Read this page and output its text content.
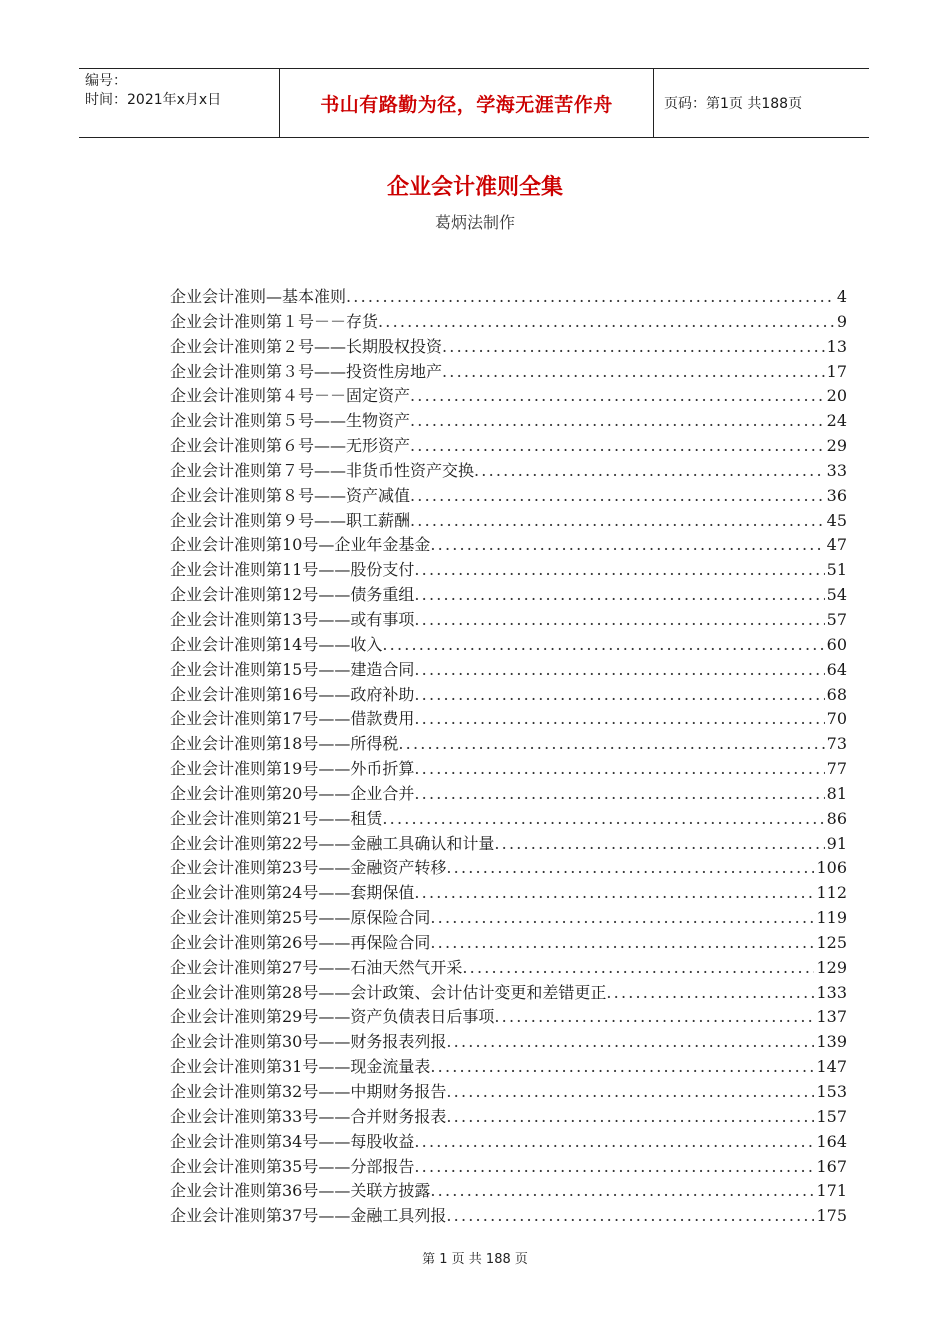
编号：
时间：2021年x月x日	书山有路勤为径，学海无涯苦作舟	页码：第1页 共188页
企业会计准则全集
葛炳法制作
企业会计准则—基本准则 .....	4
企业会计准则第１号－－存货 .....	9
企业会计准则第２号——长期股权投资 .....	13
企业会计准则第３号——投资性房地产 .....	17
企业会计准则第４号－－固定资产 .....	20
企业会计准则第５号——生物资产 .....	24
企业会计准则第６号——无形资产 .....	29
企业会计准则第７号——非货币性资产交换 .....	33
企业会计准则第８号——资产减值 .....	36
企业会计准则第９号——职工薪酬 .....	45
企业会计准则第10号—企业年金基金 .....	47
企业会计准则第11号——股份支付 .....	51
企业会计准则第12号——债务重组 .....	54
企业会计准则第13号——或有事项 .....	57
企业会计准则第14号——收入 .....	60
企业会计准则第15号——建造合同 .....	64
企业会计准则第16号——政府补助 .....	68
企业会计准则第17号——借款费用 .....	70
企业会计准则第18号——所得税 .....	73
企业会计准则第19号——外币折算 .....	77
企业会计准则第20号——企业合并 .....	81
企业会计准则第21号——租赁 .....	86
企业会计准则第22号——金融工具确认和计量 .....	91
企业会计准则第23号——金融资产转移 .....	106
企业会计准则第24号——套期保值 .....	112
企业会计准则第25号——原保险合同 .....	119
企业会计准则第26号——再保险合同 .....	125
企业会计准则第27号——石油天然气开采 .....	129
企业会计准则第28号——会计政策、会计估计变更和差错更正 .....	133
企业会计准则第29号——资产负债表日后事项 .....	137
企业会计准则第30号——财务报表列报 .....	139
企业会计准则第31号——现金流量表 .....	147
企业会计准则第32号——中期财务报告 .....	153
企业会计准则第33号——合并财务报表 .....	157
企业会计准则第34号——每股收益 .....	164
企业会计准则第35号——分部报告 .....	167
企业会计准则第36号——关联方披露 .....	171
企业会计准则第37号——金融工具列报 .....	175
第 1 页 共 188 页
